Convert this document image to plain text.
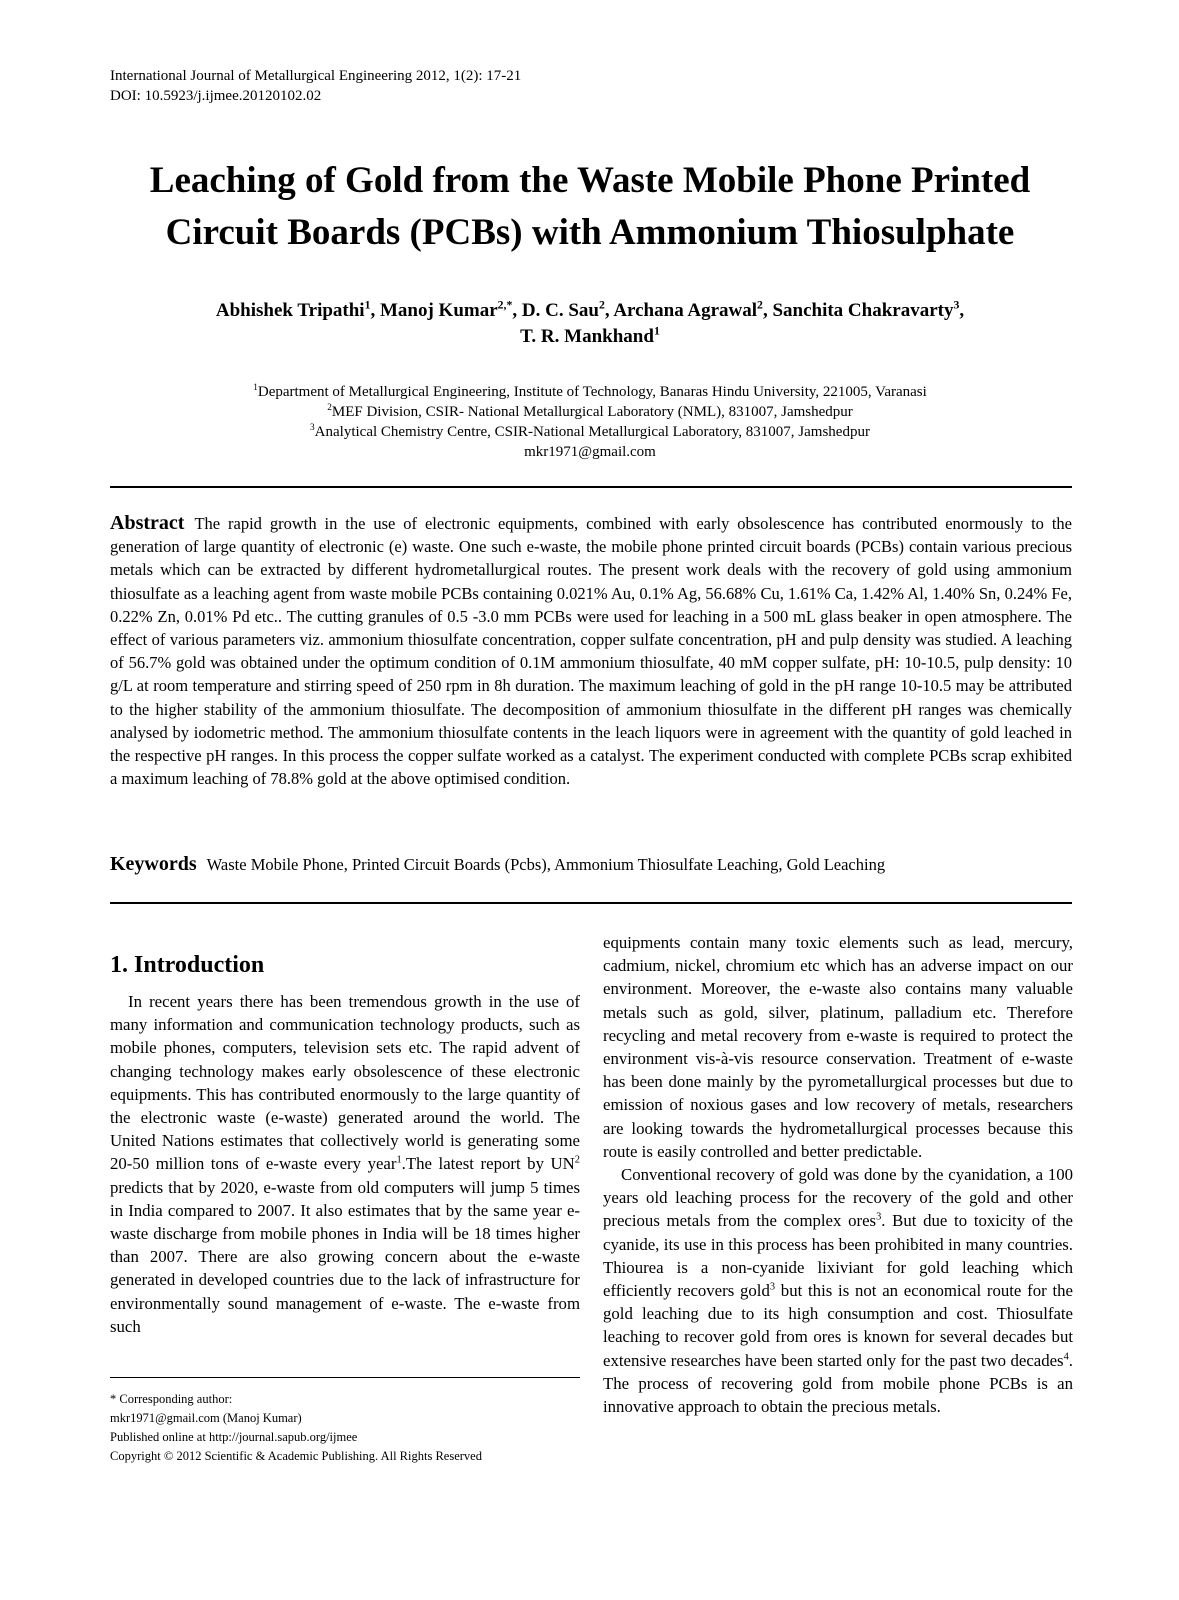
International Journal of Metallurgical Engineering 2012, 1(2): 17-21
DOI: 10.5923/j.ijmee.20120102.02
Leaching of Gold from the Waste Mobile Phone Printed
Circuit Boards (PCBs) with Ammonium Thiosulphate
Abhishek Tripathi$^1$, Manoj Kumar$^{2,*}$, D. C. Sau$^2$, Archana Agrawal$^2$, Sanchita Chakravarty$^3$,
T. R. Mankhand$^1$
$^1$Department of Metallurgical Engineering, Institute of Technology, Banaras Hindu University, 221005, Varanasi
$^2$MEF Division, CSIR- National Metallurgical Laboratory (NML), 831007, Jamshedpur
$^3$Analytical Chemistry Centre, CSIR-National Metallurgical Laboratory, 831007, Jamshedpur
mkr1971@gmail.com
Abstract The rapid growth in the use of electronic equipments, combined with early obsolescence has contributed enormously to the generation of large quantity of electronic (e) waste. One such e-waste, the mobile phone printed circuit boards (PCBs) contain various precious metals which can be extracted by different hydrometallurgical routes. The present work deals with the recovery of gold using ammonium thiosulfate as a leaching agent from waste mobile PCBs containing 0.021% Au, 0.1% Ag, 56.68% Cu, 1.61% Ca, 1.42% Al, 1.40% Sn, 0.24% Fe, 0.22% Zn, 0.01% Pd etc.. The cutting granules of 0.5 -3.0 mm PCBs were used for leaching in a 500 mL glass beaker in open atmosphere. The effect of various parameters viz. ammonium thiosulfate concentration, copper sulfate concentration, pH and pulp density was studied. A leaching of 56.7% gold was obtained under the optimum condition of 0.1M ammonium thiosulfate, 40 mM copper sulfate, pH: 10-10.5, pulp density: 10 g/L at room temperature and stirring speed of 250 rpm in 8h duration. The maximum leaching of gold in the pH range 10-10.5 may be attributed to the higher stability of the ammonium thiosulfate. The decomposition of ammonium thiosulfate in the different pH ranges was chemically analysed by iodometric method. The ammonium thiosulfate contents in the leach liquors were in agreement with the quantity of gold leached in the respective pH ranges. In this process the copper sulfate worked as a catalyst. The experiment conducted with complete PCBs scrap exhibited a maximum leaching of 78.8% gold at the above optimised condition.
Keywords Waste Mobile Phone, Printed Circuit Boards (Pcbs), Ammonium Thiosulfate Leaching, Gold Leaching
1. Introduction

In recent years there has been tremendous growth in the use of many information and communication technology products, such as mobile phones, computers, television sets etc. The rapid advent of changing technology makes early obsolescence of these electronic equipments. This has contributed enormously to the large quantity of the electronic waste (e-waste) generated around the world. The United Nations estimates that collectively world is generating some 20-50 million tons of e-waste every year$^1$.The latest report by $UN^2$ predicts that by 2020, e-waste from old computers will jump 5 times in India compared to 2007. It also estimates that by the same year e-waste discharge from mobile phones in India will be 18 times higher than 2007. There are also growing concern about the e-waste generated in developed countries due to the lack of infrastructure for environmentally sound management of e-waste. The e-waste from such

* Corresponding author:
mkr1971@gmail.com (Manoj Kumar)
Published online at http://journal.sapub.org/ijmee
Copyright © 2012 Scientific & Academic Publishing. All Rights Reserved

equipments contain many toxic elements such as lead, mercury, cadmium, nickel, chromium etc which has an adverse impact on our environment. Moreover, the e-waste also contains many valuable metals such as gold, silver, platinum, palladium etc. Therefore recycling and metal recovery from e-waste is required to protect the environment vis-à-vis resource conservation. Treatment of e-waste has been done mainly by the pyrometallurgical processes but due to emission of noxious gases and low recovery of metals, researchers are looking towards the hydrometallurgical processes because this route is easily controlled and better predictable.

Conventional recovery of gold was done by the cyanidation, a 100 years old leaching process for the recovery of the gold and other precious metals from the complex ores$^3$. But due to toxicity of the cyanide, its use in this process has been prohibited in many countries. Thiourea is a non-cyanide lixiviant for gold leaching which efficiently recovers gold$^3$ but this is not an economical route for the gold leaching due to its high consumption and cost. Thiosulfate leaching to recover gold from ores is known for several decades but extensive researches have been started only for the past two decades$^4$. The process of recovering gold from mobile phone PCBs is an innovative approach to obtain the precious metals.
